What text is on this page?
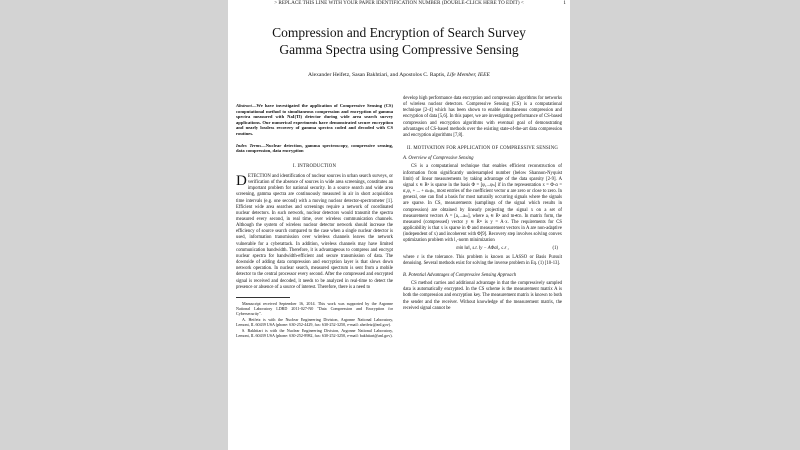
> REPLACE THIS LINE WITH YOUR PAPER IDENTIFICATION NUMBER (DOUBLE-CLICK HERE TO EDIT) <	1
Compression and Encryption of Search Survey
Gamma Spectra using Compressive Sensing
Alexander Heifetz, Sasan Bakhtiari, and Apostolos C. Raptis, Life Member, IEEE
Abstract—We have investigated the application of Compressive Sensing (CS) computational method to simultaneous compression and encryption of gamma spectra measured with NaI(Tl) detector during wide area search survey applications. Our numerical experiments have demonstrated secure encryption and nearly lossless recovery of gamma spectra coded and decoded with CS routines.
Index Terms—Nuclear detection, gamma spectroscopy, compressive sensing, data compression, data encryption
I. INTRODUCTION

DETECTION and identification of nuclear sources in urban search surveys, or verification of the absence of sources in wide area screenings, constitutes an important problem for national security. In a source search and wide area screening, gamma spectra are continuously measured in air in short acquisition time intervals (e.g. one second) with a moving nuclear detector-spectrometer [1]. Efficient wide area searches and screenings require a network of coordinated nuclear detectors. In such network, nuclear detectors would transmit the spectra measured every second, in real time, over wireless communication channels. Although the system of wireless nuclear detector network should increase the efficiency of source search compared to the case when a single nuclear detector is used, information transmission over wireless channels leaves the network vulnerable for a cyberattack. In addition, wireless channels may have limited communication bandwidth. Therefore, it is advantageous to compress and encrypt nuclear spectra for bandwidth-efficient and secure transmission of data. The downside of adding data compression and encryption layer is that slows down network operation. In nuclear search, measured spectrum is sent from a mobile detector to the central processor every second. After the compressed and encrypted signal is received and decoded, it needs to be analyzed in real-time to detect the presence or absence of a source of interest. Therefore, there is a need to

Manuscript received September 16, 2014. This work was supported by the Argonne National Laboratory LDRD 2011-027-N0 "Data Compression and Encryption for Cybersecurity".

A. Heifetz is with the Nuclear Engineering Division, Argonne National Laboratory, Lemont, IL 60439 USA (phone: 630-252-4429, fax: 630-252-3250, e-mail: aheifetz@anl.gov).

S. Bakhtiari is with the Nuclear Engineering Division, Argonne National Laboratory, Lemont, IL 60439 USA (phone: 630-252-8982, fax: 630-252-3250, e-mail: bakhtiari@anl.gov).

develop high performance data encryption and compression algorithms for networks of wireless nuclear detectors. Compressive Sensing (CS) is a computational technique [2-4] which has been shown to enable simultaneous compression and encryption of data [5,6]. In this paper, we are investigating performance of CS-based compression and encryption algorithms with eventual goal of demonstrating advantages of CS-based methods over the existing state-of-the-art data compression and encryption algorithms [7,8].

II. MOTIVATION FOR APPLICATION OF COMPRESSIVE SENSING
A. Overview of Compressive Sensing

CS is a computational technique that enables efficient reconstruction of information from significantly undersampled number (below Shannon-Nyquist limit) of linear measurements by taking advantage of the data sparsity [2-9]. A signal x ∈ Rⁿ is sparse in the basis Φ = [φ₁...φₙ] if in the representation x = Φ·α = α₁φ₁ + ... + αₙφₙ, most entries of the coefficient vector α are zero or close to zero. In general, one can find a basis for most naturally occurring signals where the signals are sparse. In CS, measurements (samplings of the signal which results in compression) are obtained by linearly projecting the signal x on a set of measurement vectors A = [a₁...aₘ], where aᵢ ∈ Rⁿ and m≪n. In matrix form, the measured (compressed) vector y ∈ Rᵐ is y = A·x. The requirements for CS applicability is that x is sparse in Φ and measurement vectors in A are non-adaptive (independent of x) and incoherent with Φ[9]. Recovery step involves solving convex optimization problem with l₁-norm minimization

min ‖α‖₁ s.t. ‖y − AΦα‖₂ ≤ ε ,	(1)

where ε is the tolerance. This problem is known as LASSO or Basis Pursuit denoising. Several methods exist for solving the inverse problem in Eq. (1) [10-13].

B. Potential Advantages of Compressive Sensing Approach

CS method carries and additional advantage in that the compressively sampled data is automatically encrypted. In the CS scheme is the measurement matrix A is both the compression and encryption key. The measurement matrix is known to both the sender and the receiver. Without knowledge of the measurement matrix, the received signal cannot be
